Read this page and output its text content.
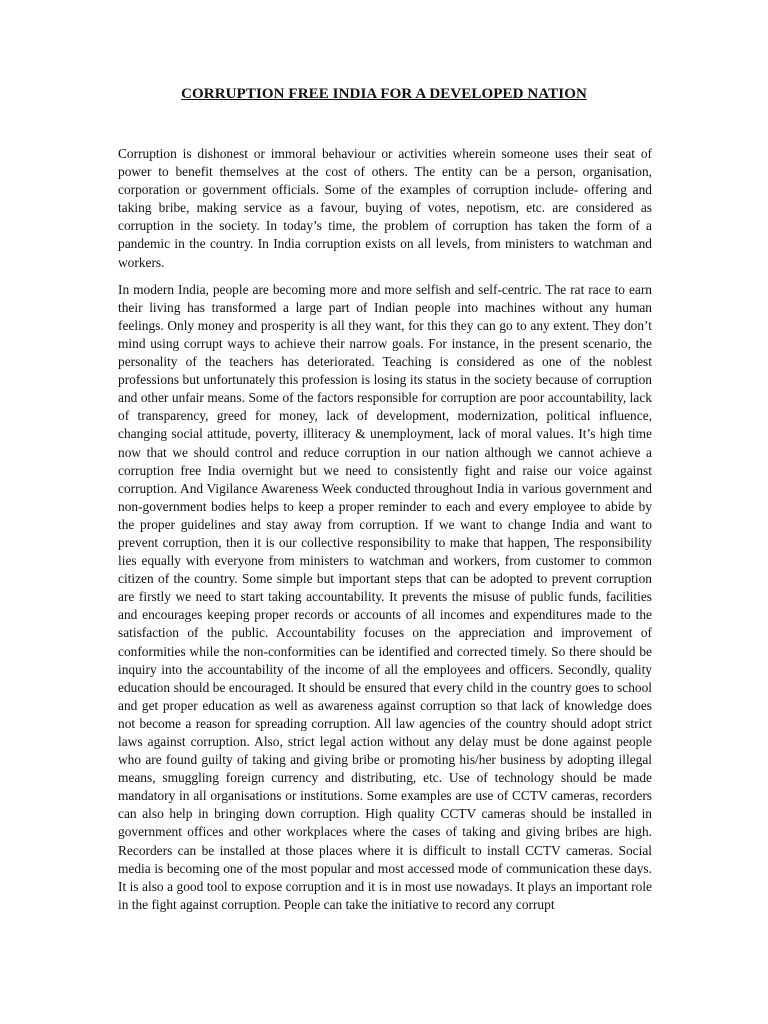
CORRUPTION FREE INDIA FOR A DEVELOPED NATION

Corruption is dishonest or immoral behaviour or activities wherein someone uses their seat of power to benefit themselves at the cost of others. The entity can be a person, organisation, corporation or government officials. Some of the examples of corruption include- offering and taking bribe, making service as a favour, buying of votes, nepotism, etc. are considered as corruption in the society. In today’s time, the problem of corruption has taken the form of a pandemic in the country. In India corruption exists on all levels, from ministers to watchman and workers.

In modern India, people are becoming more and more selfish and self-centric. The rat race to earn their living has transformed a large part of Indian people into machines without any human feelings. Only money and prosperity is all they want, for this they can go to any extent. They don’t mind using corrupt ways to achieve their narrow goals. For instance, in the present scenario, the personality of the teachers has deteriorated. Teaching is considered as one of the noblest professions but unfortunately this profession is losing its status in the society because of corruption and other unfair means. Some of the factors responsible for corruption are poor accountability, lack of transparency, greed for money, lack of development, modernization, political influence, changing social attitude, poverty, illiteracy & unemployment, lack of moral values. It’s high time now that we should control and reduce corruption in our nation although we cannot achieve a corruption free India overnight but we need to consistently fight and raise our voice against corruption. And Vigilance Awareness Week conducted throughout India in various government and non-government bodies helps to keep a proper reminder to each and every employee to abide by the proper guidelines and stay away from corruption. If we want to change India and want to prevent corruption, then it is our collective responsibility to make that happen, The responsibility lies equally with everyone from ministers to watchman and workers, from customer to common citizen of the country. Some simple but important steps that can be adopted to prevent corruption are firstly we need to start taking accountability. It prevents the misuse of public funds, facilities and encourages keeping proper records or accounts of all incomes and expenditures made to the satisfaction of the public. Accountability focuses on the appreciation and improvement of conformities while the non-conformities can be identified and corrected timely. So there should be inquiry into the accountability of the income of all the employees and officers. Secondly, quality education should be encouraged. It should be ensured that every child in the country goes to school and get proper education as well as awareness against corruption so that lack of knowledge does not become a reason for spreading corruption. All law agencies of the country should adopt strict laws against corruption. Also, strict legal action without any delay must be done against people who are found guilty of taking and giving bribe or promoting his/her business by adopting illegal means, smuggling foreign currency and distributing, etc. Use of technology should be made mandatory in all organisations or institutions. Some examples are use of CCTV cameras, recorders can also help in bringing down corruption. High quality CCTV cameras should be installed in government offices and other workplaces where the cases of taking and giving bribes are high. Recorders can be installed at those places where it is difficult to install CCTV cameras. Social media is becoming one of the most popular and most accessed mode of communication these days. It is also a good tool to expose corruption and it is in most use nowadays. It plays an important role in the fight against corruption. People can take the initiative to record any corrupt
